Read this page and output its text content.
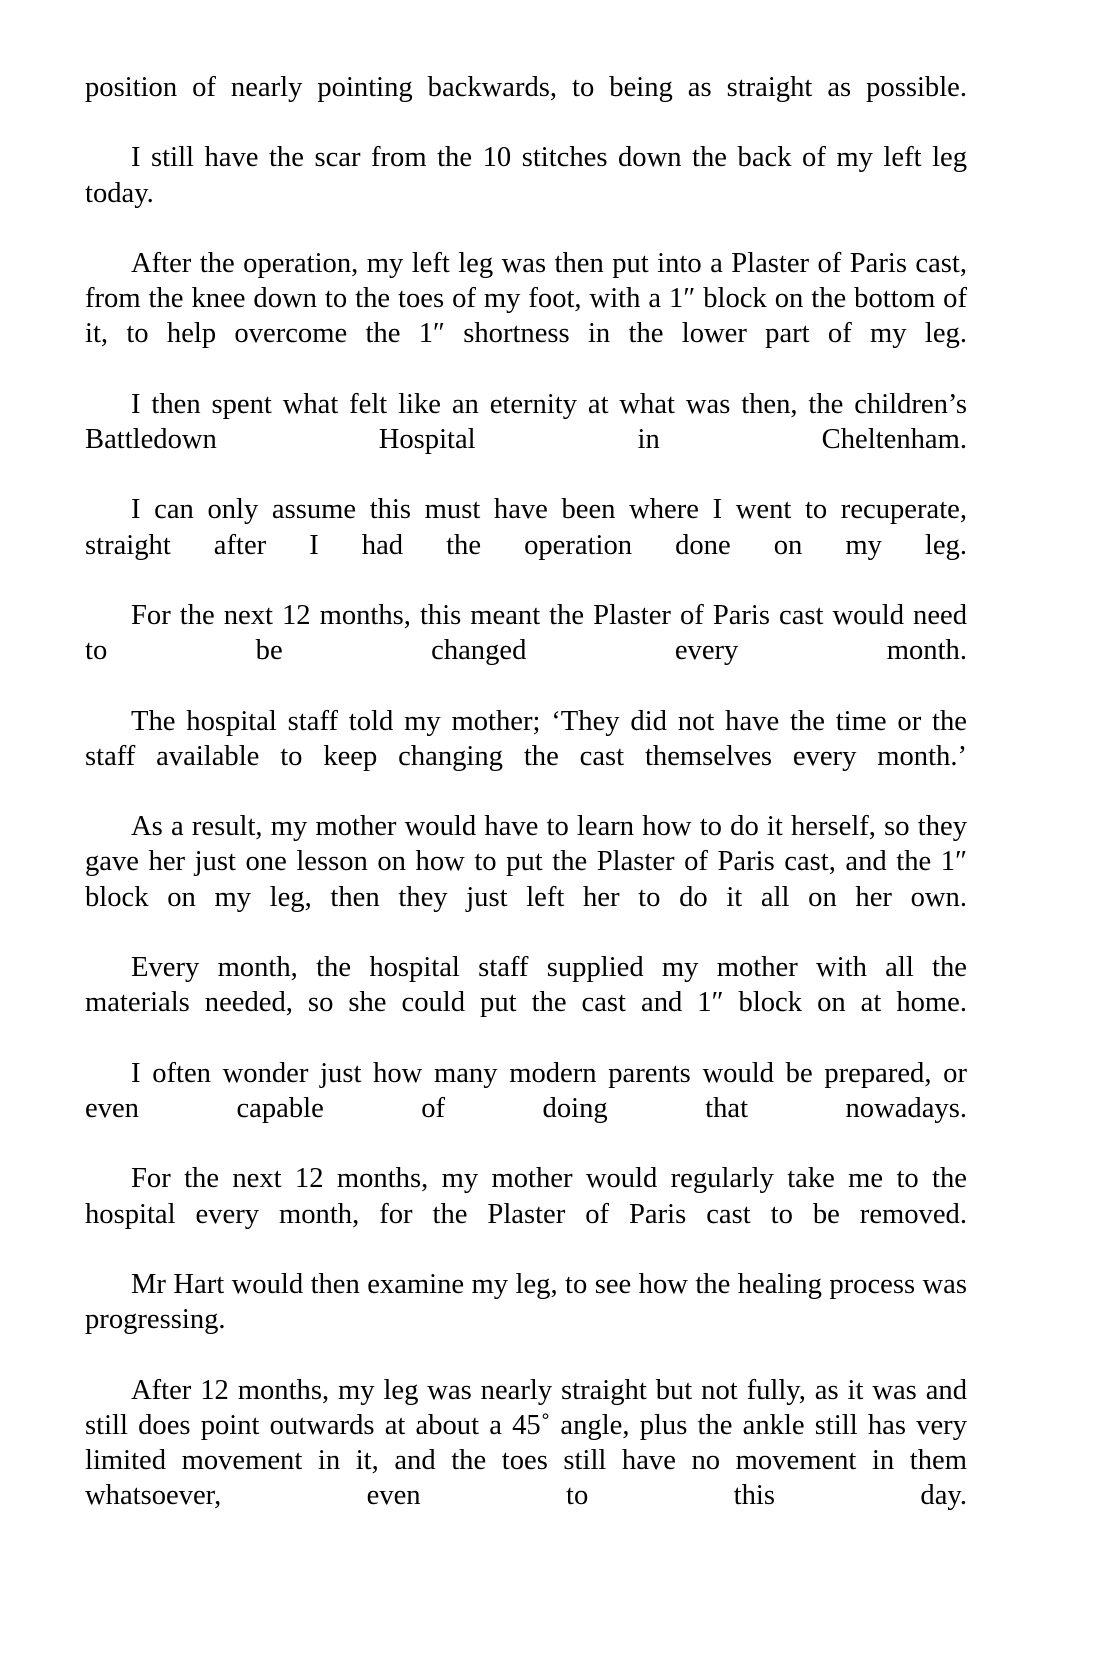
position of nearly pointing backwards, to being as straight as possible.

I still have the scar from the 10 stitches down the back of my left leg today.

After the operation, my left leg was then put into a Plaster of Paris cast, from the knee down to the toes of my foot, with a 1″ block on the bottom of it, to help overcome the 1″ shortness in the lower part of my leg.

I then spent what felt like an eternity at what was then, the children’s Battledown Hospital in Cheltenham.

I can only assume this must have been where I went to recuperate, straight after I had the operation done on my leg.

For the next 12 months, this meant the Plaster of Paris cast would need to be changed every month.

The hospital staff told my mother; ‘They did not have the time or the staff available to keep changing the cast themselves every month.’

As a result, my mother would have to learn how to do it herself, so they gave her just one lesson on how to put the Plaster of Paris cast, and the 1″ block on my leg, then they just left her to do it all on her own.

Every month, the hospital staff supplied my mother with all the materials needed, so she could put the cast and 1″ block on at home.

I often wonder just how many modern parents would be prepared, or even capable of doing that nowadays.

For the next 12 months, my mother would regularly take me to the hospital every month, for the Plaster of Paris cast to be removed.

Mr Hart would then examine my leg, to see how the healing process was progressing.

After 12 months, my leg was nearly straight but not fully, as it was and still does point outwards at about a 45˚ angle, plus the ankle still has very limited movement in it, and the toes still have no movement in them whatsoever, even to this day.
